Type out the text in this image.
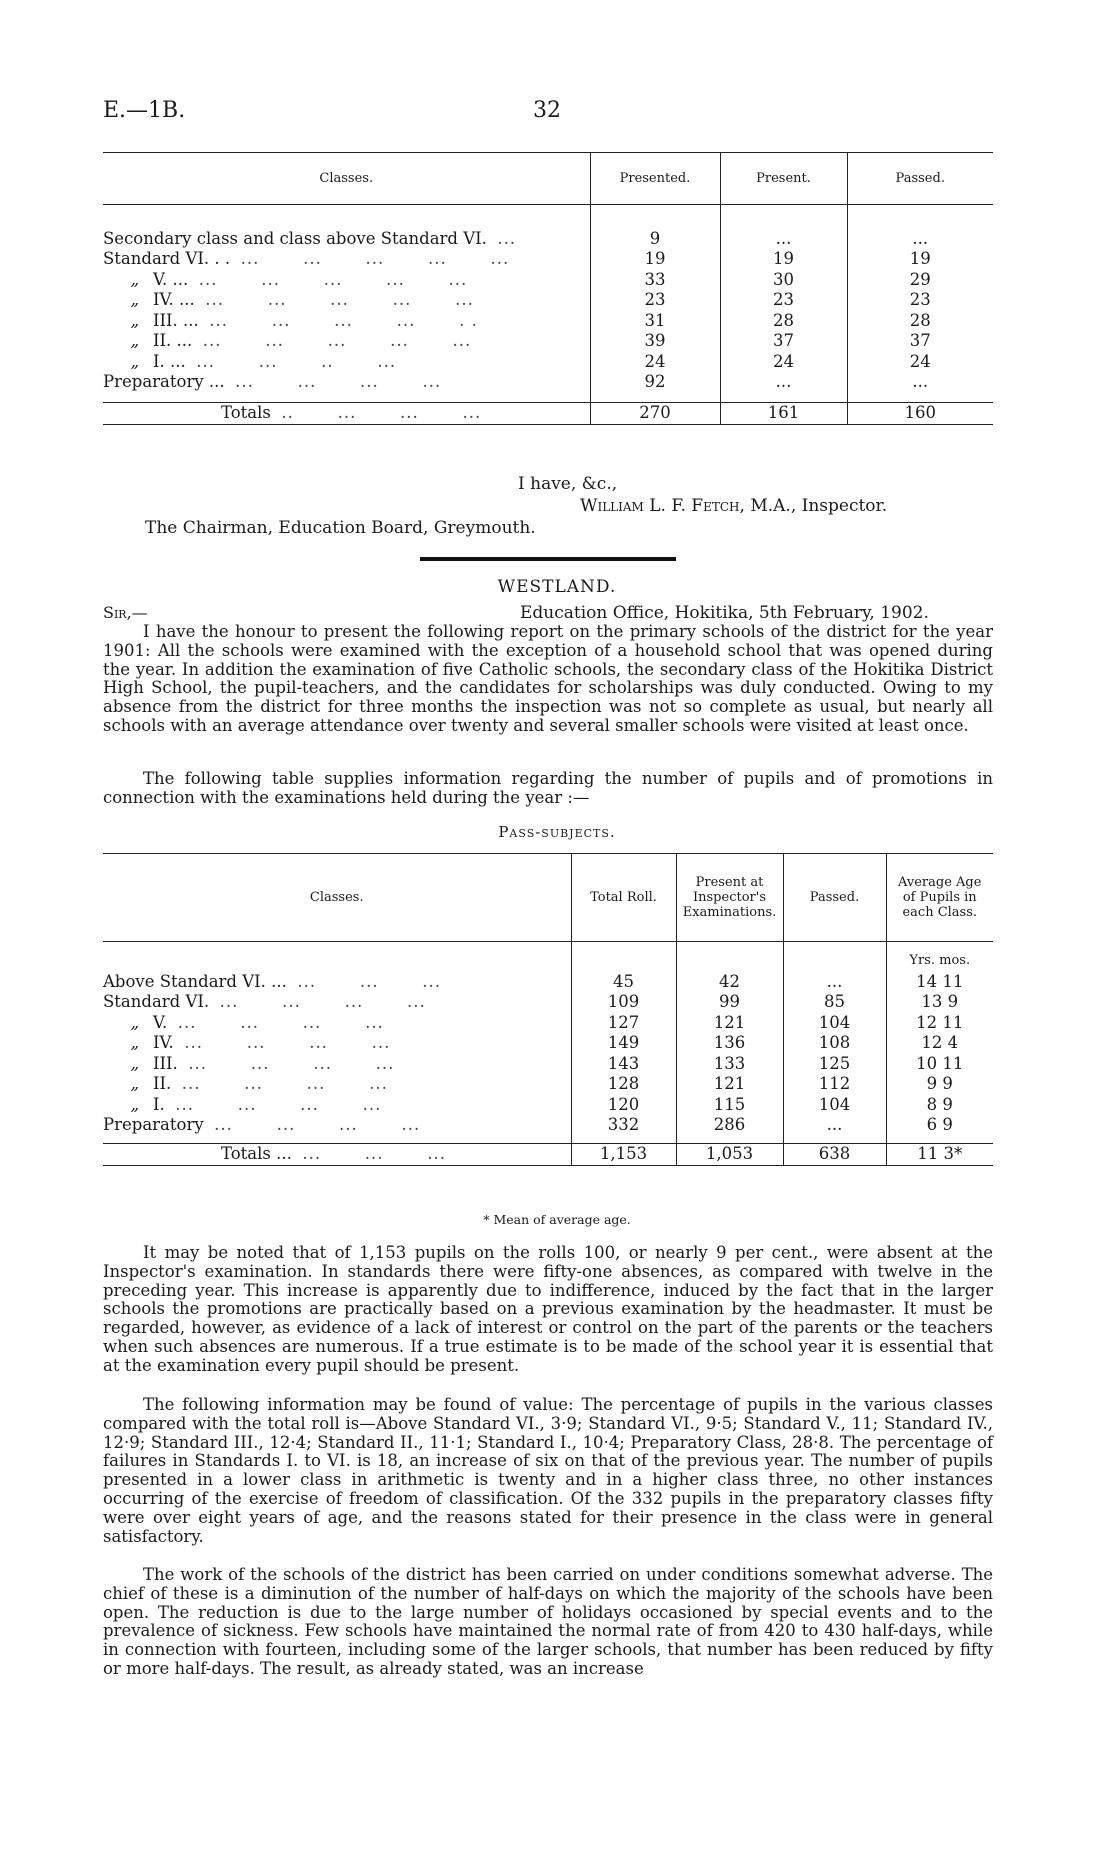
E.—1B.	32
Classes.	Presented.	Present.	Passed.

Secondary class and class above Standard VI. ...	9	...	...
Standard VI. . . ...       ...       ...       ...       ...	19	19	19
„ V. ... ...       ...       ...       ...       ...	33	30	29
„ IV. ... ...       ...       ...       ...       ...	23	23	23
„ III. ... ...       ...       ...       ...       . .	31	28	28
„ II. ... ...       ...       ...       ...       ...	39	37	37
„ I. ... ...       ...       ..       ...	24	24	24
Preparatory ... ...       ...       ...       ...	92	...	...

Totals ..       ...       ...       ...	270	161	160
I have, &c.,
William L. F. Fetch, M.A., Inspector.
The Chairman, Education Board, Greymouth.
WESTLAND.
Sir,—	Education Office, Hokitika, 5th February, 1902.

I have the honour to present the following report on the primary schools of the district for the year 1901: All the schools were examined with the exception of a household school that was opened during the year. In addition the examination of five Catholic schools, the secondary class of the Hokitika District High School, the pupil-teachers, and the candidates for scholarships was duly conducted. Owing to my absence from the district for three months the inspection was not so complete as usual, but nearly all schools with an average attendance over twenty and several smaller schools were visited at least once.

The following table supplies information regarding the number of pupils and of promotions in connection with the examinations held during the year :—

Pass-subjects.
Classes.	Total Roll.	Present at Inspector's Examinations.	Passed.	Average Age of Pupils in each Class.
				Yrs. mos.
Above Standard VI. ... ...       ...       ...	45	42	...	14 11
Standard VI. ...       ...       ...       ...	109	99	85	13 9
„ V. ...       ...       ...       ...	127	121	104	12 11
„ IV. ...       ...       ...       ...	149	136	108	12 4
„ III. ...       ...       ...       ...	143	133	125	10 11
„ II. ...       ...       ...       ...	128	121	112	9 9
„ I. ...       ...       ...       ...	120	115	104	8 9
Preparatory ...       ...       ...       ...	332	286	...	6 9

Totals ... ...       ...       ...	1,153	1,053	638	11 3*
* Mean of average age.

It may be noted that of 1,153 pupils on the rolls 100, or nearly 9 per cent., were absent at the Inspector's examination. In standards there were fifty-one absences, as compared with twelve in the preceding year. This increase is apparently due to indifference, induced by the fact that in the larger schools the promotions are practically based on a previous examination by the headmaster. It must be regarded, however, as evidence of a lack of interest or control on the part of the parents or the teachers when such absences are numerous. If a true estimate is to be made of the school year it is essential that at the examination every pupil should be present.

The following information may be found of value: The percentage of pupils in the various classes compared with the total roll is—Above Standard VI., 3·9; Standard VI., 9·5; Standard V., 11; Standard IV., 12·9; Standard III., 12·4; Standard II., 11·1; Standard I., 10·4; Preparatory Class, 28·8. The percentage of failures in Standards I. to VI. is 18, an increase of six on that of the previous year. The number of pupils presented in a lower class in arithmetic is twenty and in a higher class three, no other instances occurring of the exercise of freedom of classification. Of the 332 pupils in the preparatory classes fifty were over eight years of age, and the reasons stated for their presence in the class were in general satisfactory.

The work of the schools of the district has been carried on under conditions somewhat adverse. The chief of these is a diminution of the number of half-days on which the majority of the schools have been open. The reduction is due to the large number of holidays occasioned by special events and to the prevalence of sickness. Few schools have maintained the normal rate of from 420 to 430 half-days, while in connection with fourteen, including some of the larger schools, that number has been reduced by fifty or more half-days. The result, as already stated, was an increase
